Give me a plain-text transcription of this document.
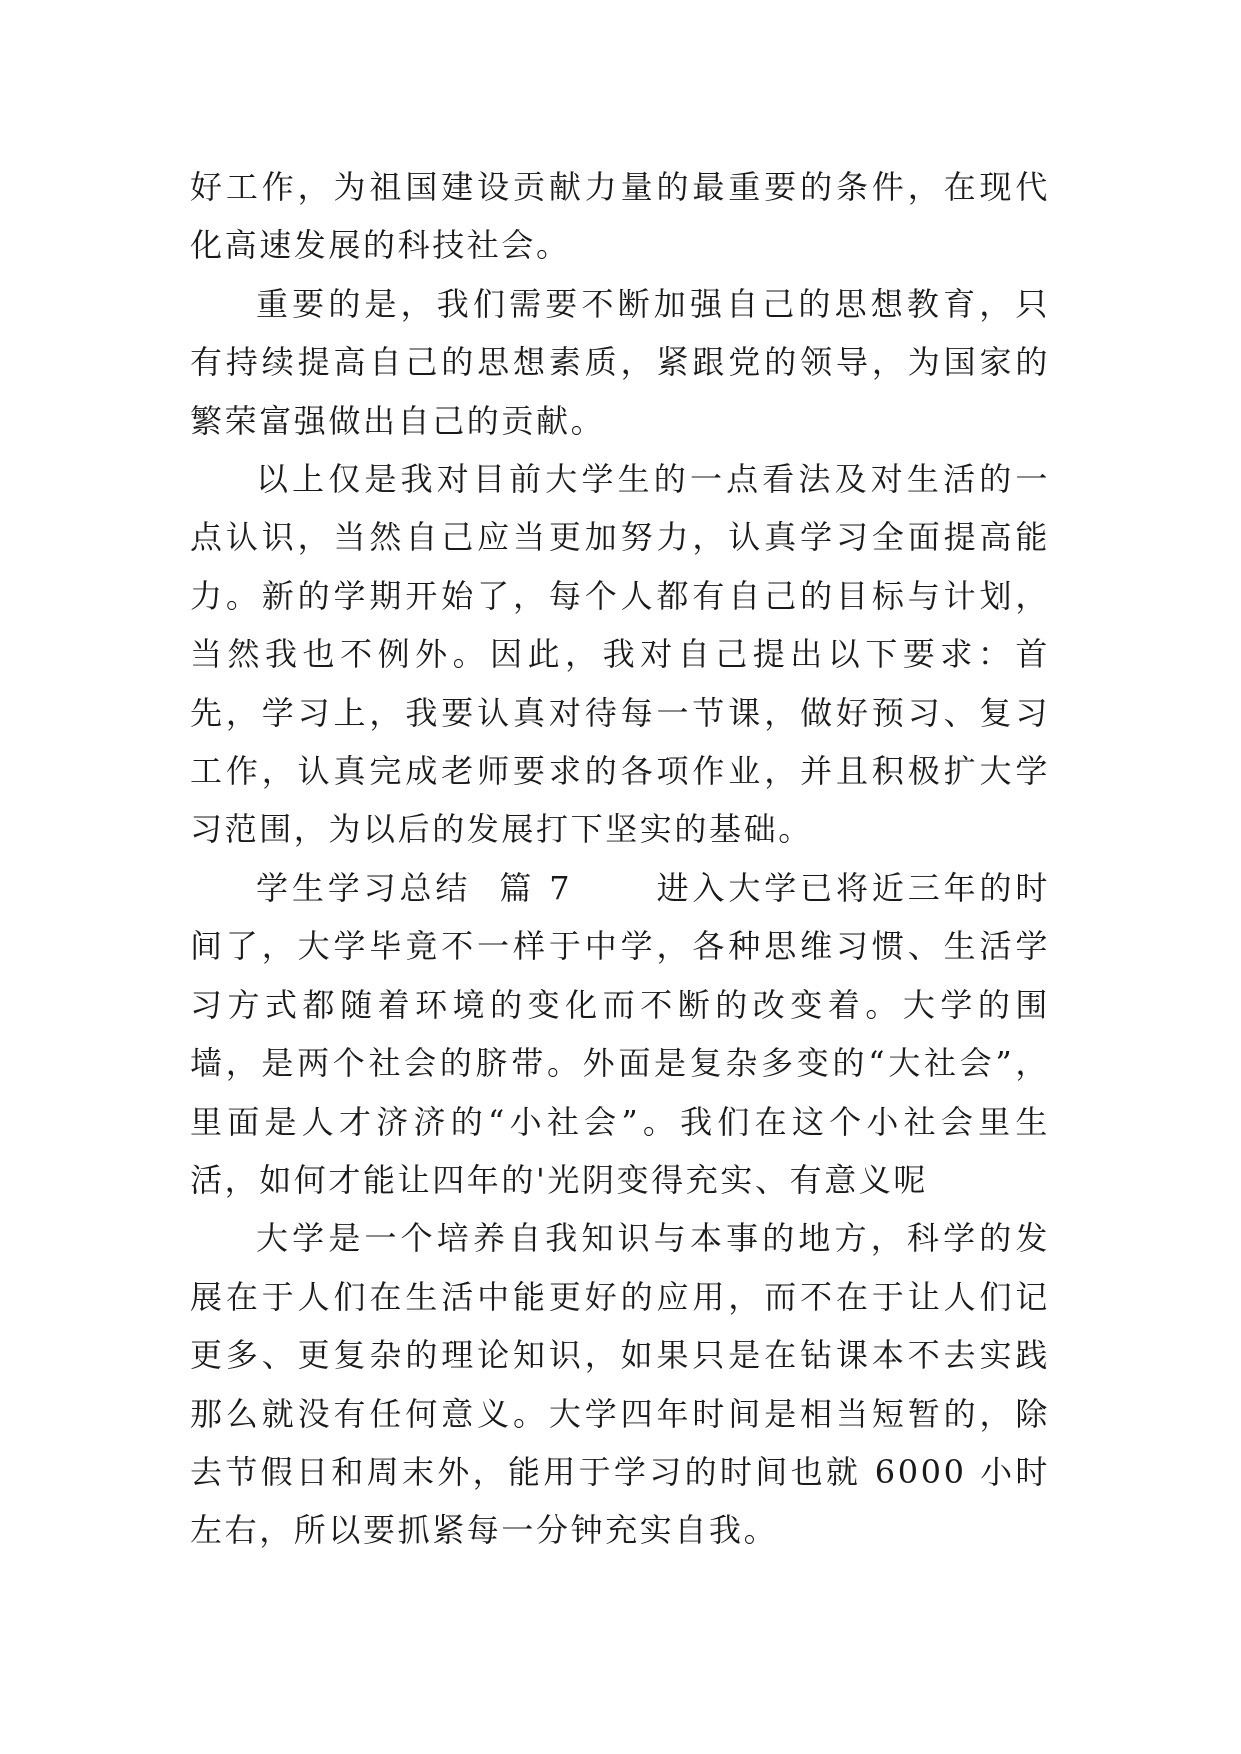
好工作，为祖国建设贡献力量的最重要的条件，在现代化高速发展的科技社会。

重要的是，我们需要不断加强自己的思想教育，只有持续提高自己的思想素质，紧跟党的领导，为国家的繁荣富强做出自己的贡献。

以上仅是我对目前大学生的一点看法及对生活的一点认识，当然自己应当更加努力，认真学习全面提高能力。新的学期开始了，每个人都有自己的目标与计划，当然我也不例外。因此，我对自己提出以下要求：首先，学习上，我要认真对待每一节课，做好预习、复习工作，认真完成老师要求的各项作业，并且积极扩大学习范围，为以后的发展打下坚实的基础。

学生学习总结  篇 7	进入大学已将近三年的时间了，大学毕竟不一样于中学，各种思维习惯、生活学习方式都随着环境的变化而不断的改变着。大学的围墙，是两个社会的脐带。外面是复杂多变的“大社会”，里面是人才济济的“小社会”。我们在这个小社会里生活，如何才能让四年的'光阴变得充实、有意义呢

大学是一个培养自我知识与本事的地方，科学的发展在于人们在生活中能更好的应用，而不在于让人们记更多、更复杂的理论知识，如果只是在钻课本不去实践那么就没有任何意义。大学四年时间是相当短暂的，除去节假日和周末外，能用于学习的时间也就 6000 小时左右，所以要抓紧每一分钟充实自我。
